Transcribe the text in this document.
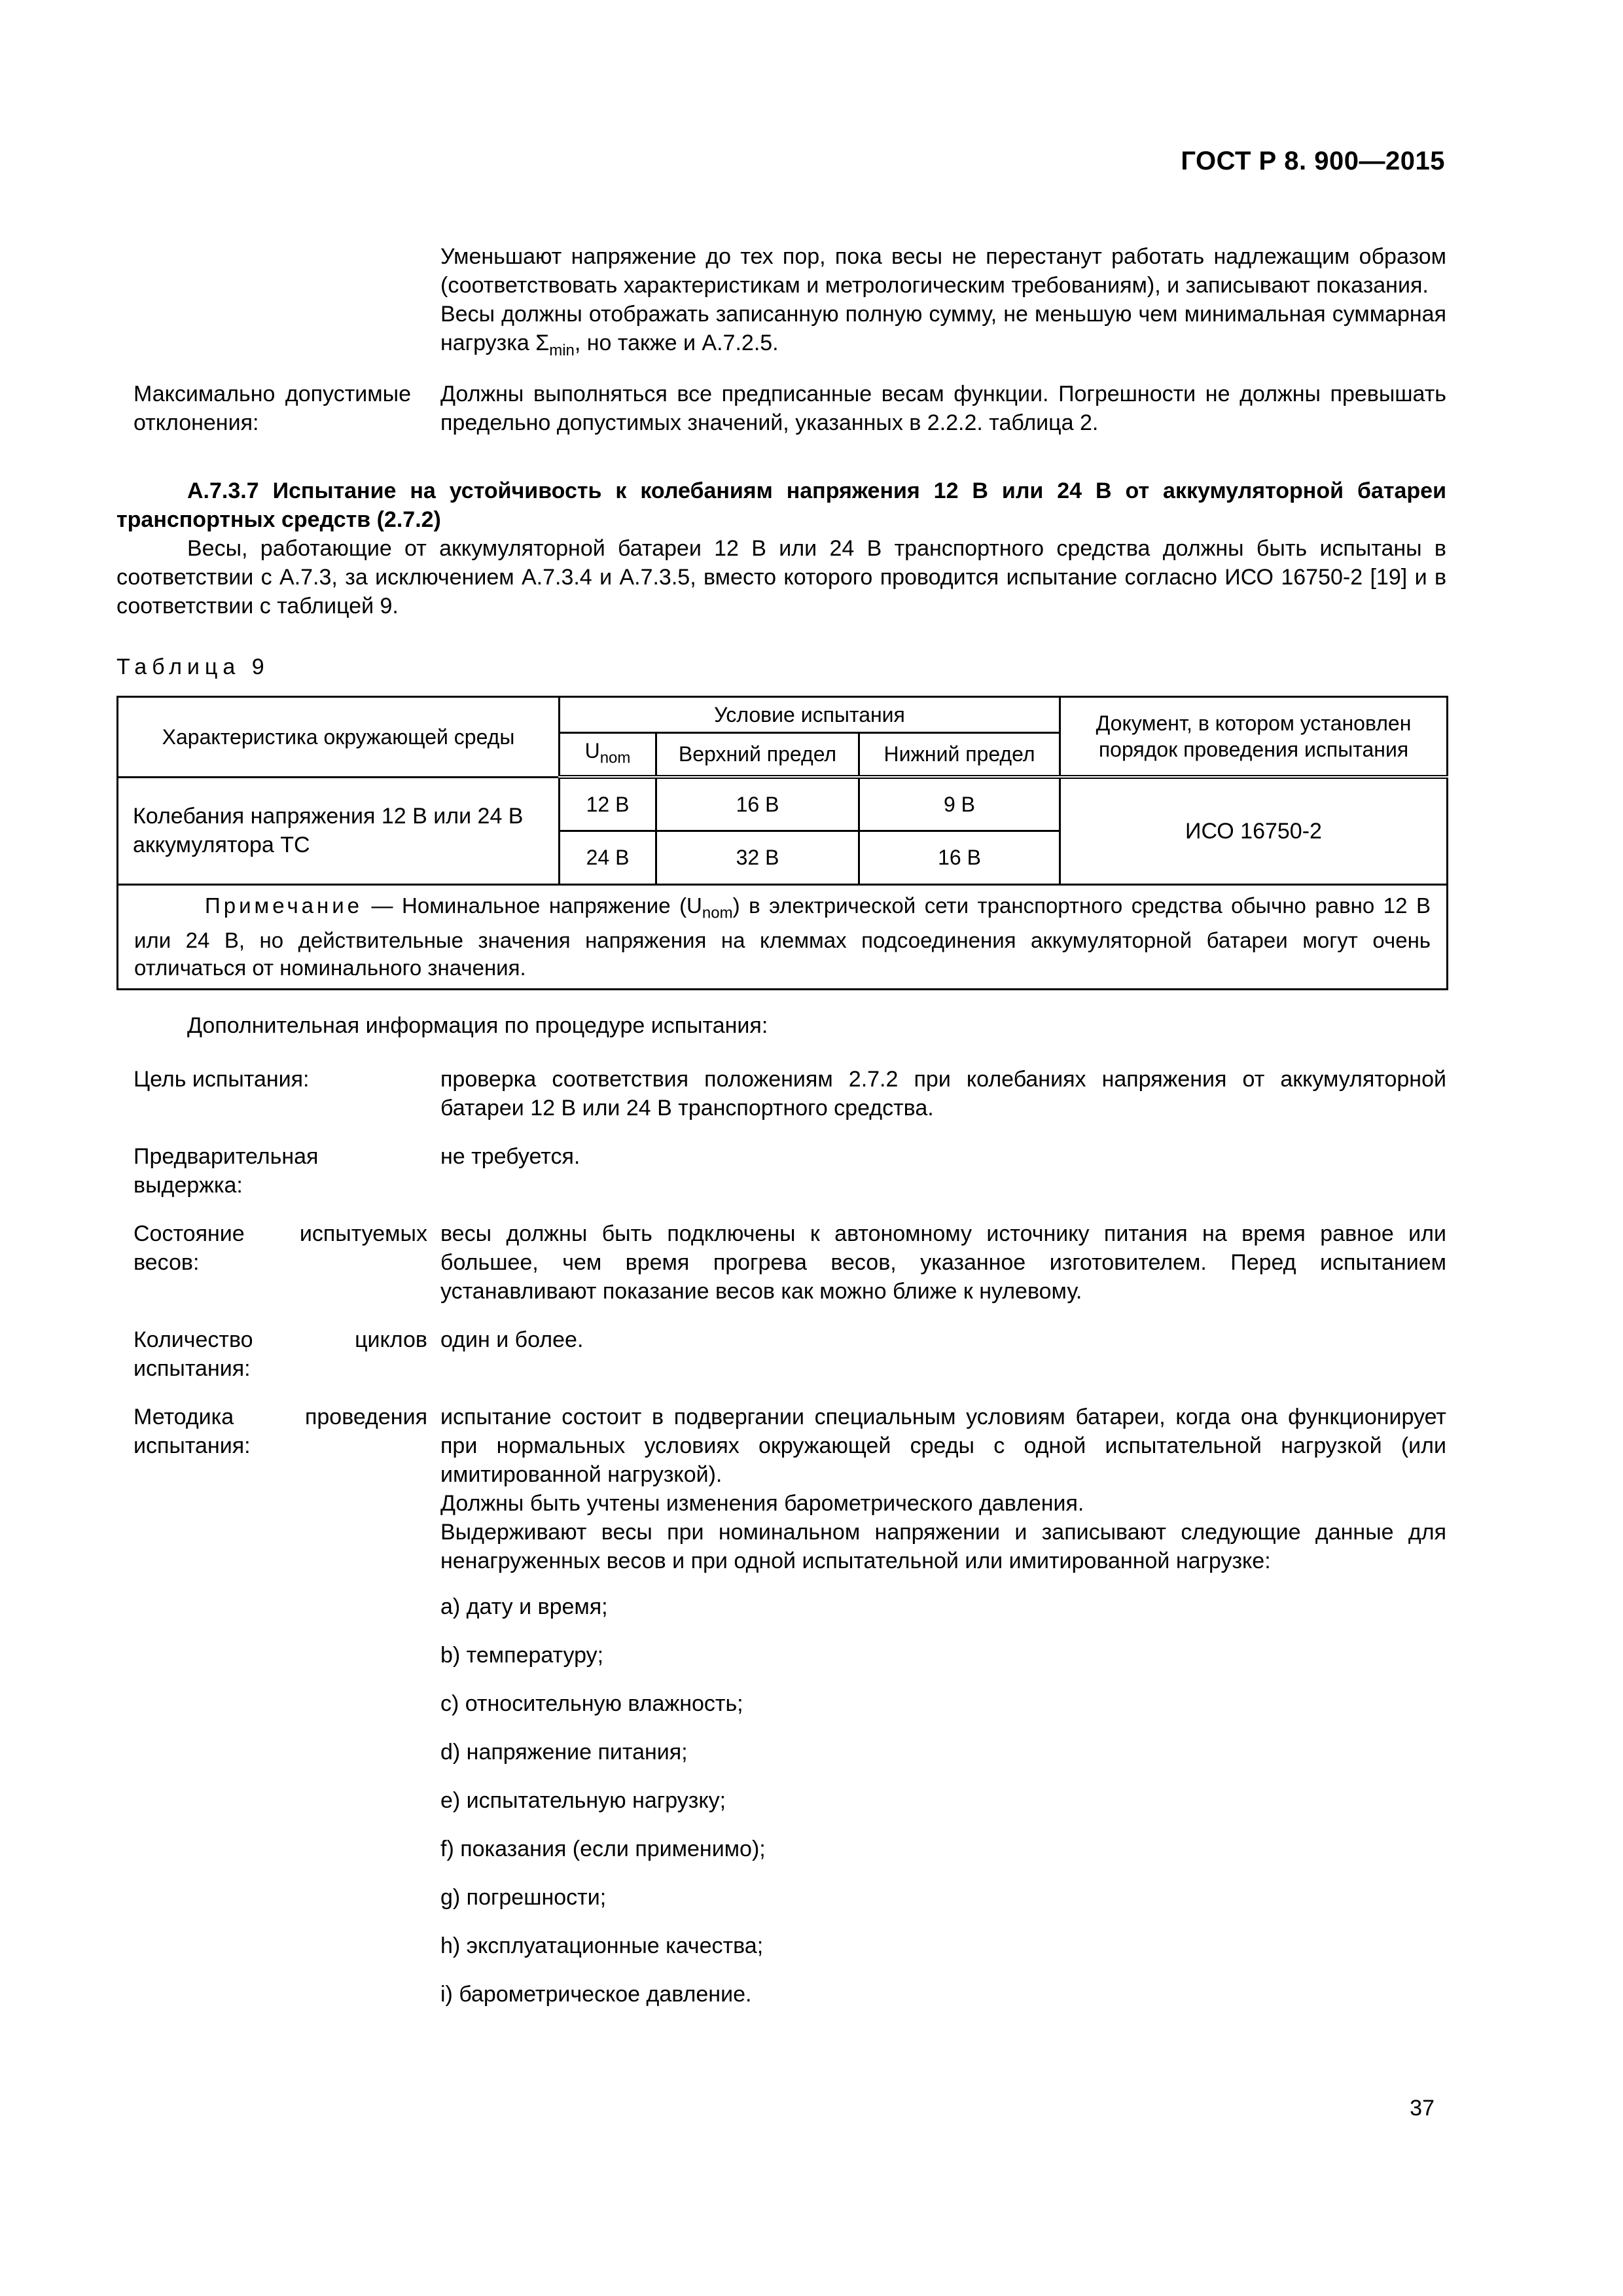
ГОСТ Р 8. 900—2015

Уменьшают напряжение до тех пор, пока весы не перестанут работать надлежащим образом (соответствовать характеристикам и метрологическим требованиям), и записывают показания.

Весы должны отображать записанную полную сумму, не меньшую чем минимальная суммарная нагрузка $\Sigma_{min}$, но также и A.7.2.5.

Максимально допустимые отклонения:
Должны выполняться все предписанные весам функции. Погрешности не должны превышать предельно допустимых значений, указанных в 2.2.2. таблица 2.

A.7.3.7 Испытание на устойчивость к колебаниям напряжения 12 В или 24 В от аккумуляторной батареи транспортных средств (2.7.2)

Весы, работающие от аккумуляторной батареи 12 В или 24 В транспортного средства должны быть испытаны в соответствии с A.7.3, за исключением A.7.3.4 и A.7.3.5, вместо которого проводится испытание согласно ИСО 16750-2 [19] и в соответствии с таблицей 9.

Таблица 9
Характеристика окружающей среды	Условие испытания			Документ, в котором установлен порядок проведения испытания
	$U_{nom}$	Верхний предел	Нижний предел	
Колебания напряжения 12 В или 24 В аккумулятора ТС	12 В	16 В	9 В	ИСО 16750-2
	24 В	32 В	16 В	
Примечание — Номинальное напряжение $(U_{nom})$ в электрической сети транспортного средства обычно равно 12 В или 24 В, но действительные значения напряжения на клеммах подсоединения аккумуляторной батареи могут очень отличаться от номинального значения.				

Дополнительная информация по процедуре испытания:

Цель испытания:	проверка соответствия положениям 2.7.2 при колебаниях напряжения от аккумуляторной батареи 12 В или 24 В транспортного средства.
Предварительная выдержка:
не требуется.
Состояние испытуемых весов:
весы должны быть подключены к автономному источнику питания на время равное или большее, чем время прогрева весов, указанное изготовителем. Перед испытанием устанавливают показание весов как можно ближе к нулевому.
Количество циклов испытания:
один и более.
Методика проведения испытания:
испытание состоит в подвергании специальным условиям батареи, когда она функционирует при нормальных условиях окружающей среды с одной испытательной нагрузкой (или имитированной нагрузкой).
Должны быть учтены изменения барометрического давления.
Выдерживают весы при номинальном напряжении и записывают следующие данные для ненагруженных весов и при одной испытательной или имитированной нагрузке:
a) дату и время;
b) температуру;
c) относительную влажность;
d) напряжение питания;
e) испытательную нагрузку;
f) показания (если применимо);
g) погрешности;
h) эксплуатационные качества;
i) барометрическое давление.
37
